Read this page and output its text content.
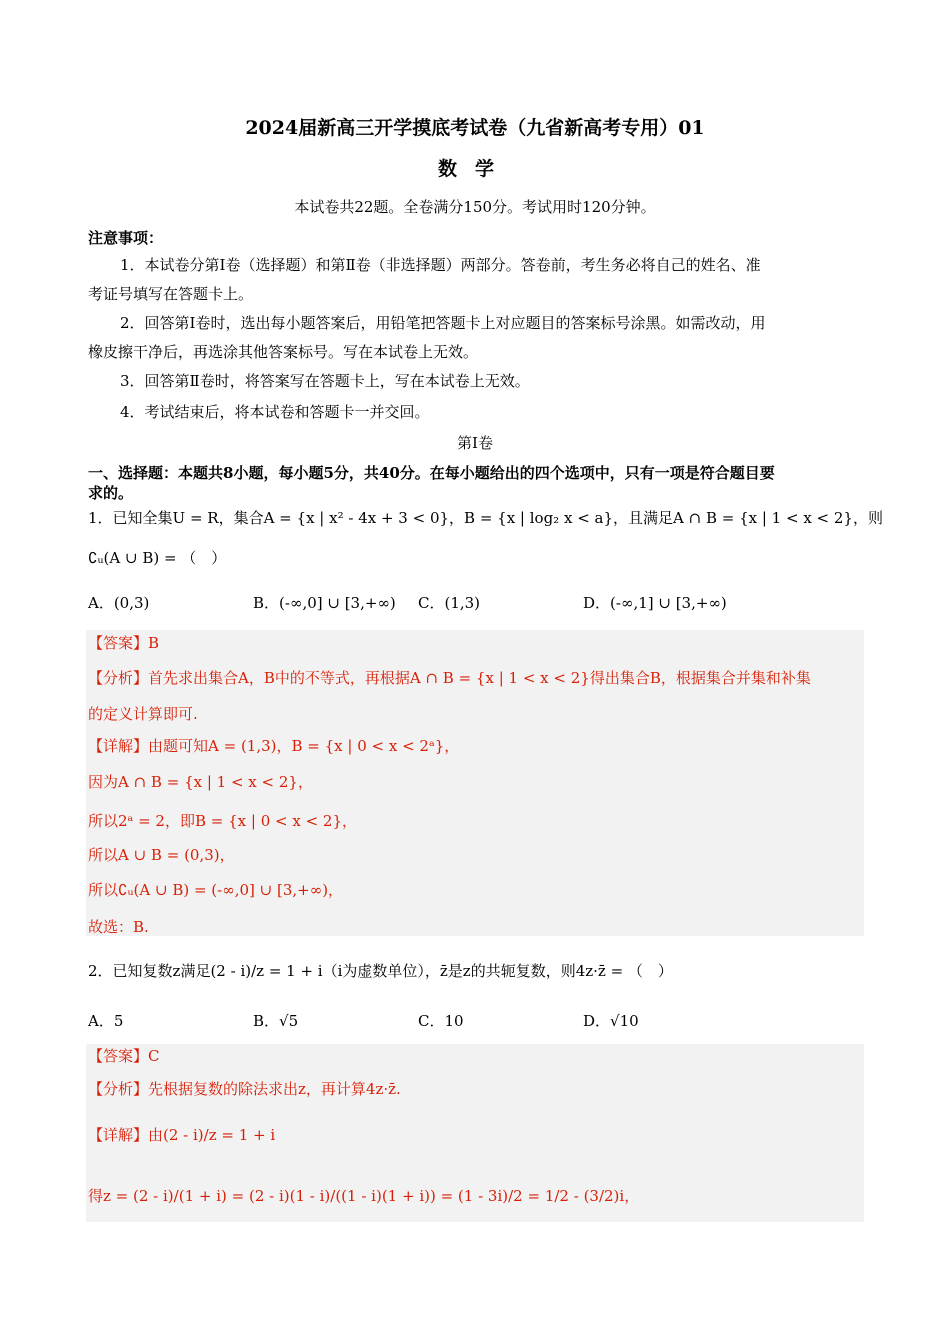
2024届新高三开学摸底考试卷（九省新高考专用）01
数学
本试卷共22题。全卷满分150分。考试用时120分钟。
注意事项：
1．本试卷分第Ⅰ卷（选择题）和第Ⅱ卷（非选择题）两部分。答卷前，考生务必将自己的姓名、准
考证号填写在答题卡上。
2．回答第Ⅰ卷时，选出每小题答案后，用铅笔把答题卡上对应题目的答案标号涂黑。如需改动，用
橡皮擦干净后，再选涂其他答案标号。写在本试卷上无效。
3．回答第Ⅱ卷时，将答案写在答题卡上，写在本试卷上无效。
4．考试结束后，将本试卷和答题卡一并交回。
第Ⅰ卷
一、选择题：本题共8小题，每小题5分，共40分。在每小题给出的四个选项中，只有一项是符合题目要
求的。
1．已知全集U = R，集合A = {x | x² - 4x + 3 < 0}，B = {x | log₂ x < a}，且满足A ∩ B = {x | 1 < x < 2}，则
∁ᵤ(A ∪ B) = （　）
A．(0,3)	B．(-∞,0] ∪ [3,+∞) C．(1,3)	D．(-∞,1] ∪ [3,+∞)
【答案】B
【分析】首先求出集合A，B中的不等式，再根据A ∩ B = {x | 1 < x < 2}得出集合B，根据集合并集和补集
的定义计算即可.
【详解】由题可知A = (1,3)，B = {x | 0 < x < 2ᵃ}，
因为A ∩ B = {x | 1 < x < 2}，
所以2ᵃ = 2，即B = {x | 0 < x < 2}，
所以A ∪ B = (0,3)，
所以∁ᵤ(A ∪ B) = (-∞,0] ∪ [3,+∞)，
故选：B.
2．已知复数z满足(2 - i)/z = 1 + i（i为虚数单位），z̄是z的共轭复数，则4z·z̄ = （　）
A．5	B．√5	C．10	D．√10
【答案】C
【分析】先根据复数的除法求出z，再计算4z·z̄.
【详解】由(2 - i)/z = 1 + i
得z = (2 - i)/(1 + i) = (2 - i)(1 - i)/((1 - i)(1 + i)) = (1 - 3i)/2 = 1/2 - (3/2)i，
